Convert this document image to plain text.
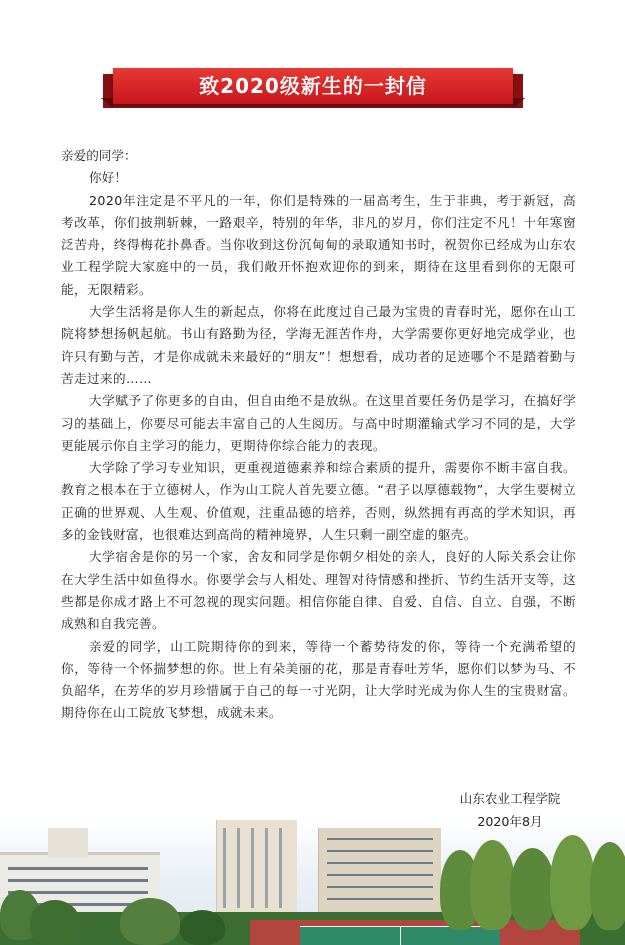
致2020级新生的一封信

亲爱的同学：

你好！

2020年注定是不平凡的一年，你们是特殊的一届高考生，生于非典，考于新冠，高考改革，你们披荆斩棘，一路艰辛，特别的年华，非凡的岁月，你们注定不凡！十年寒窗泛苦舟，终得梅花扑鼻香。当你收到这份沉甸甸的录取通知书时，祝贺你已经成为山东农业工程学院大家庭中的一员，我们敞开怀抱欢迎你的到来，期待在这里看到你的无限可能，无限精彩。

大学生活将是你人生的新起点，你将在此度过自己最为宝贵的青春时光，愿你在山工院将梦想扬帆起航。书山有路勤为径，学海无涯苦作舟，大学需要你更好地完成学业，也许只有勤与苦，才是你成就未来最好的“朋友”！想想看，成功者的足迹哪个不是踏着勤与苦走过来的……

大学赋予了你更多的自由，但自由绝不是放纵。在这里首要任务仍是学习，在搞好学习的基础上，你要尽可能去丰富自己的人生阅历。与高中时期灌输式学习不同的是，大学更能展示你自主学习的能力，更期待你综合能力的表现。

大学除了学习专业知识，更重视道德素养和综合素质的提升，需要你不断丰富自我。教育之根本在于立德树人，作为山工院人首先要立德。“君子以厚德载物”，大学生要树立正确的世界观、人生观、价值观，注重品德的培养，否则，纵然拥有再高的学术知识，再多的金钱财富，也很难达到高尚的精神境界，人生只剩一副空虚的躯壳。

大学宿舍是你的另一个家，舍友和同学是你朝夕相处的亲人，良好的人际关系会让你在大学生活中如鱼得水。你要学会与人相处、理智对待情感和挫折、节约生活开支等，这些都是你成才路上不可忽视的现实问题。相信你能自律、自爱、自信、自立、自强，不断成熟和自我完善。

亲爱的同学，山工院期待你的到来，等待一个蓄势待发的你，等待一个充满希望的你，等待一个怀揣梦想的你。世上有朵美丽的花，那是青春吐芳华，愿你们以梦为马、不负韶华，在芳华的岁月珍惜属于自己的每一寸光阴，让大学时光成为你人生的宝贵财富。期待你在山工院放飞梦想，成就未来。

山东农业工程学院
2020年8月
